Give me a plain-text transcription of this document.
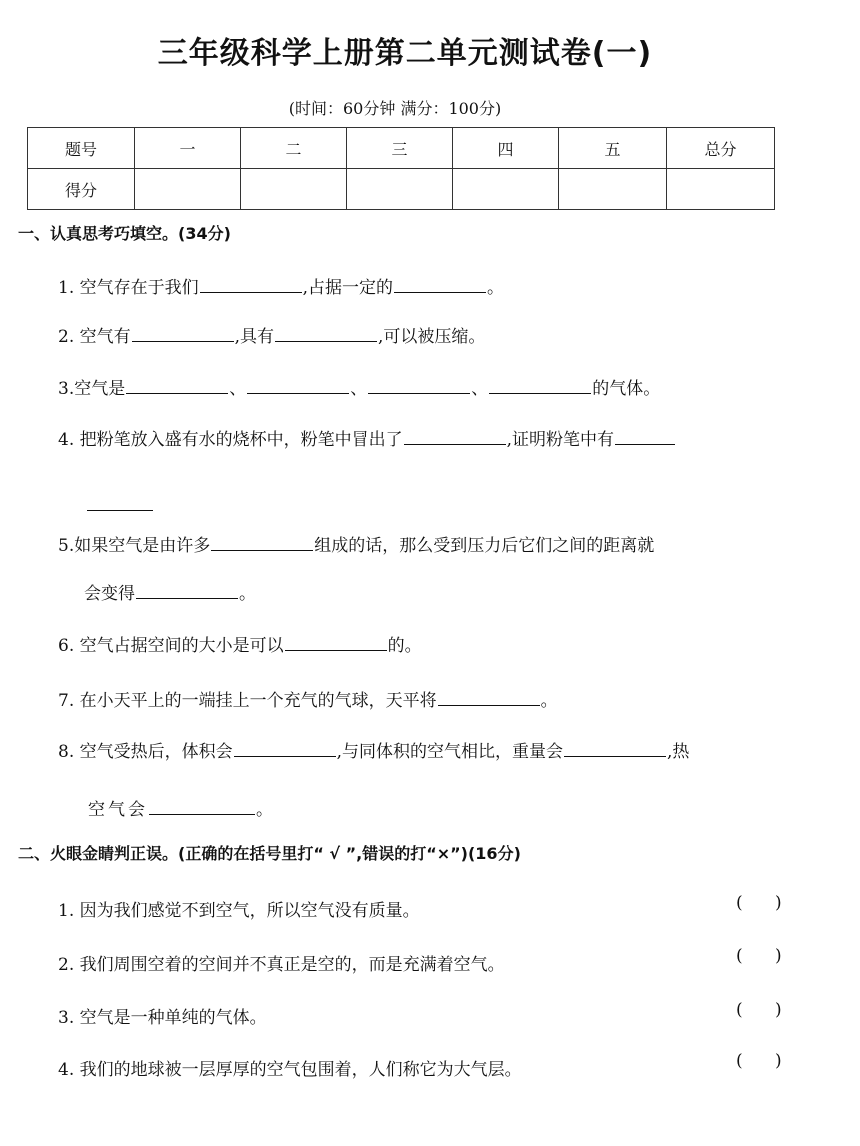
三年级科学上册第二单元测试卷(一)
(时间：60分钟 满分：100分)
题号	一	二	三	四	五	总分
得分						
一、认真思考巧填空。(34分)
1. 空气存在于我们	,占据一定的	。
2. 空气有	,具有	,可以被压缩。
3.空气是	、	、	、	的气体。
4. 把粉笔放入盛有水的烧杯中，粉笔中冒出了	,证明粉笔中有
5.如果空气是由许多	组成的话，那么受到压力后它们之间的距离就
会变得	。
6. 空气占据空间的大小是可以	的。
7. 在小天平上的一端挂上一个充气的气球，天平将	。
8. 空气受热后，体积会	,与同体积的空气相比，重量会	,热
空气会	。
二、火眼金睛判正误。(正确的在括号里打“ √ ”,错误的打“×”)(16分)
1. 因为我们感觉不到空气，所以空气没有质量。	(      )
2. 我们周围空着的空间并不真正是空的，而是充满着空气。	(      )
3. 空气是一种单纯的气体。	(      )
4. 我们的地球被一层厚厚的空气包围着，人们称它为大气层。	(      )
